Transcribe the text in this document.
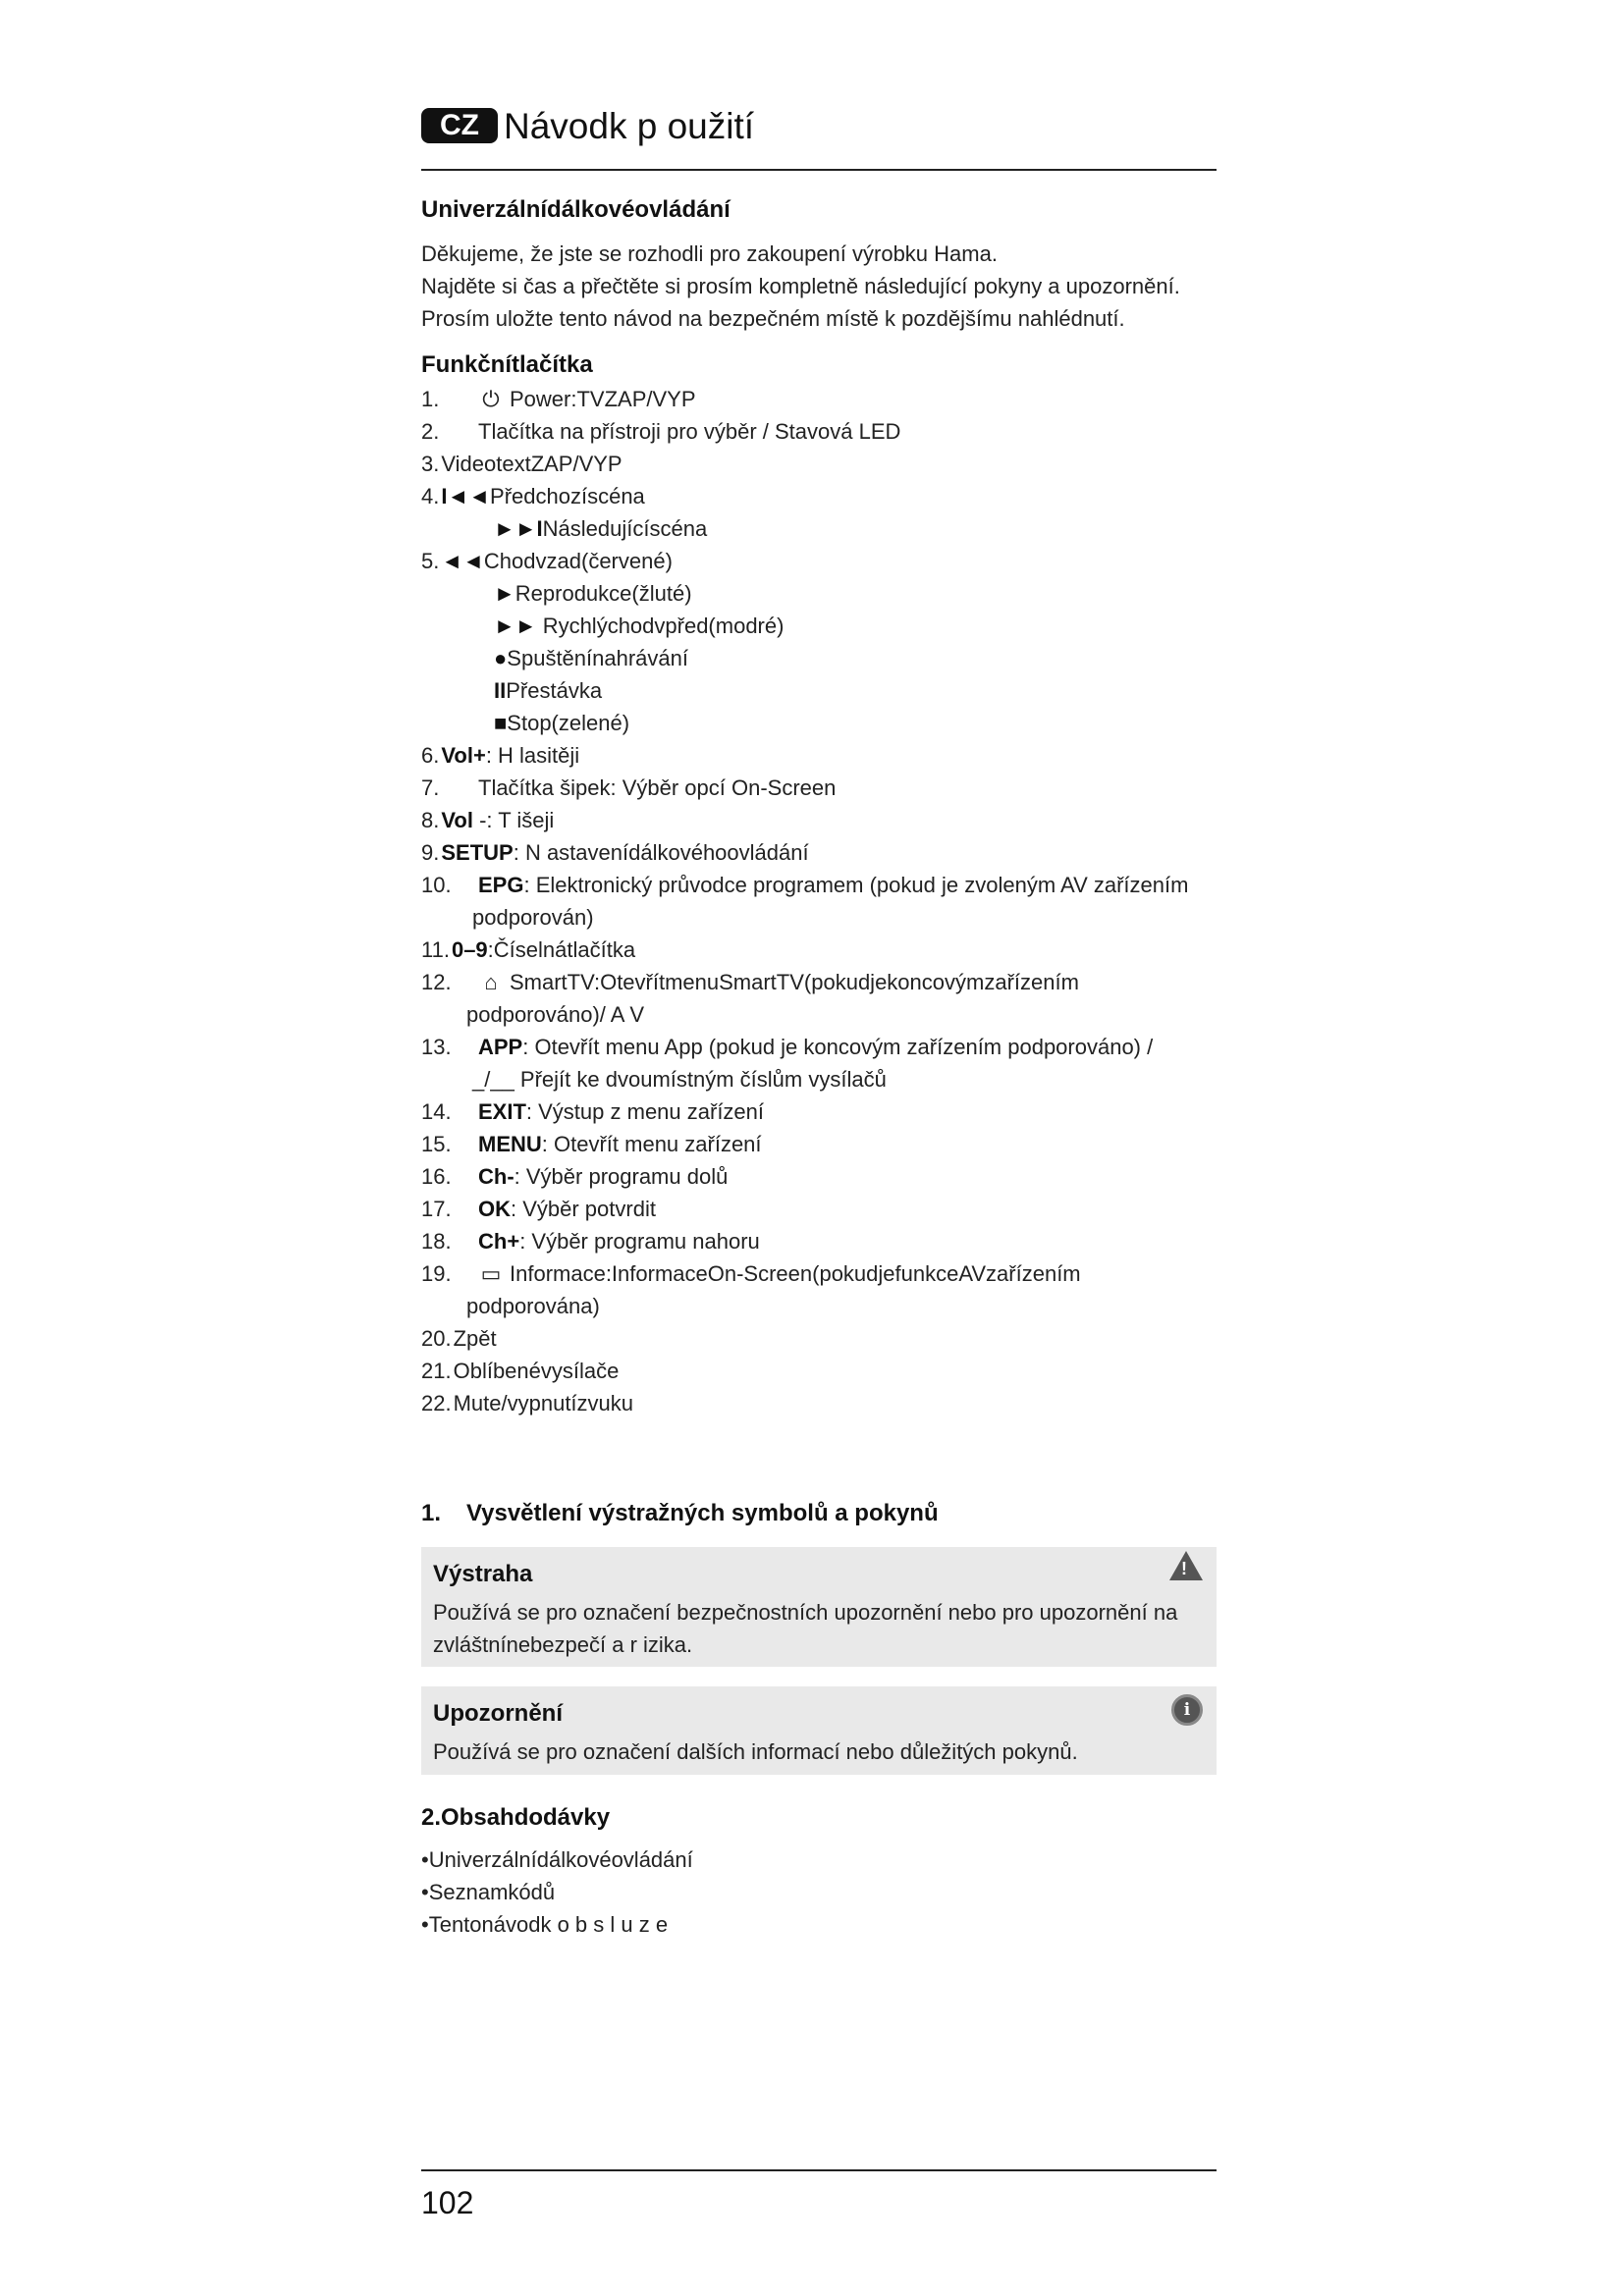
CZ Návodk p oužití
Univerzálnídálkovéovládání
Děkujeme, že jste se rozhodli pro zakoupení výrobku Hama.
Najděte si čas a přečtěte si prosím kompletně následující pokyny a upozornění.
Prosím uložte tento návod na bezpečném místě k pozdějšímu nahlédnutí.
Funkčnítlačítka
1.	⏻ Power:TVZAP/VYP
2.	Tlačítka na přístroji pro výběr / Stavová LED
3. VideotextZAP/VYP
4. I◄◄Předchozíscéna
►►INásledujícíscéna
5. ◄◄Chodvzad(červené)
►Reprodukce(žluté)
►► Rychlýchodvpřed(modré)
●Spuštěnínahrávání
IIPřestávka
■Stop(zelené)
6. Vol+: H lasitěji
7.	Tlačítka šipek: Výběr opcí On-Screen
8. Vol -: T išeji
9. SETUP: N astavenídálkovéhoovládání
10.	EPG: Elektronický průvodce programem (pokud je zvoleným AV zařízením
podporován)
11. 0–9:Číselnátlačítka
12.	⌂ SmartTV:OtevřítmenuSmartTV(pokudjekoncovýmzařízením
podporováno)/ A V
13.	APP: Otevřít menu App (pokud je koncovým zařízením podporováno) /
_/__ Přejít ke dvoumístným číslům vysílačů
14.	EXIT: Výstup z menu zařízení
15.	MENU: Otevřít menu zařízení
16.	Ch-: Výběr programu dolů
17.	OK: Výběr potvrdit
18.	Ch+: Výběr programu nahoru
19.	▭ Informace:InformaceOn-Screen(pokudjefunkceAVzařízením
podporována)
20. Zpět
21. Oblíbenévysílače
22. Mute/vypnutízvuku
1.	Vysvětlení výstražných symbolů a pokynů
Výstraha	!
Používá se pro označení bezpečnostních upozornění nebo pro upozornění na zvláštnínebezpečí a r izika.
Upozornění	i
Používá se pro označení dalších informací nebo důležitých pokynů.
2.Obsahdodávky
•Univerzálnídálkovéovládání
•Seznamkódů
•Tentonávodk o b s l u z e
102
